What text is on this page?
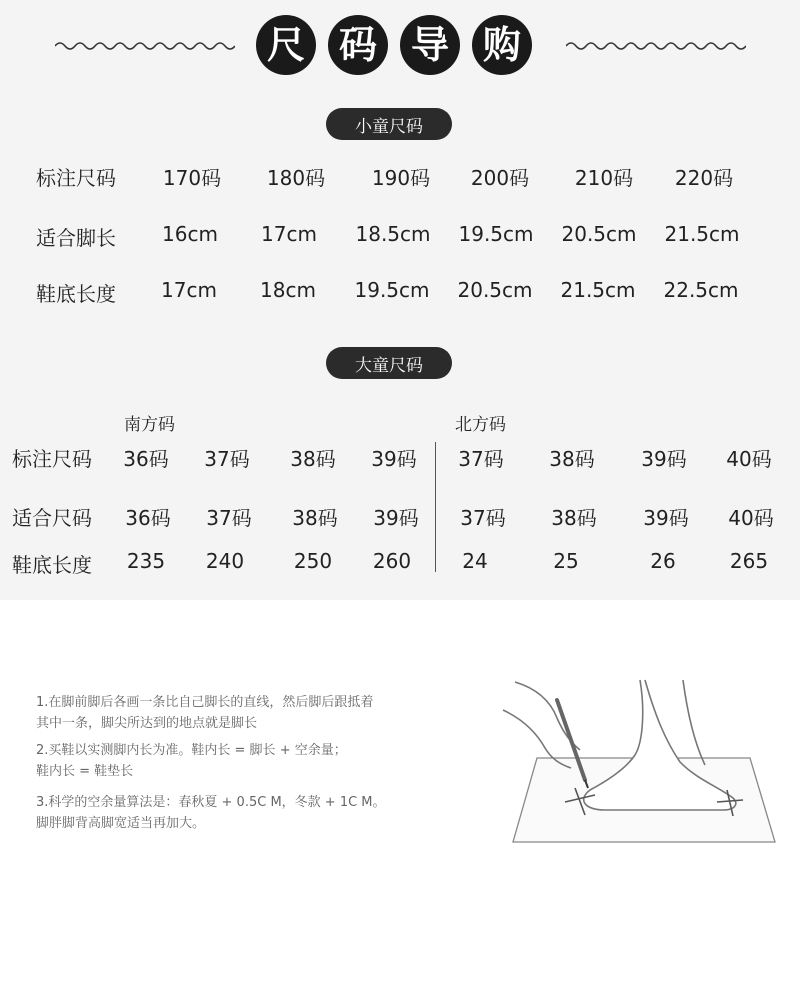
尺 码 导 购
小童尺码
标注尺码 170码 180码 190码 200码 210码 220码
适合脚长 16cm 17cm 18.5cm 19.5cm 20.5cm 21.5cm
鞋底长度 17cm 18cm 19.5cm 20.5cm 21.5cm 22.5cm
大童尺码
南方码	北方码
标注尺码 36码 37码 38码 39码 37码 38码 39码 40码
适合尺码 36码 37码 38码 39码 37码 38码 39码 40码
鞋底长度 235 240 250 260	24	25	26	265
1.在脚前脚后各画一条比自己脚长的直线，然后脚后跟抵着
其中一条，脚尖所达到的地点就是脚长
2.买鞋以实测脚内长为准。鞋内长 = 脚长 + 空余量；
鞋内长 = 鞋垫长
3.科学的空余量算法是：春秋夏 + 0.5C M，冬款 + 1C M。
脚胖脚背高脚宽适当再加大。
